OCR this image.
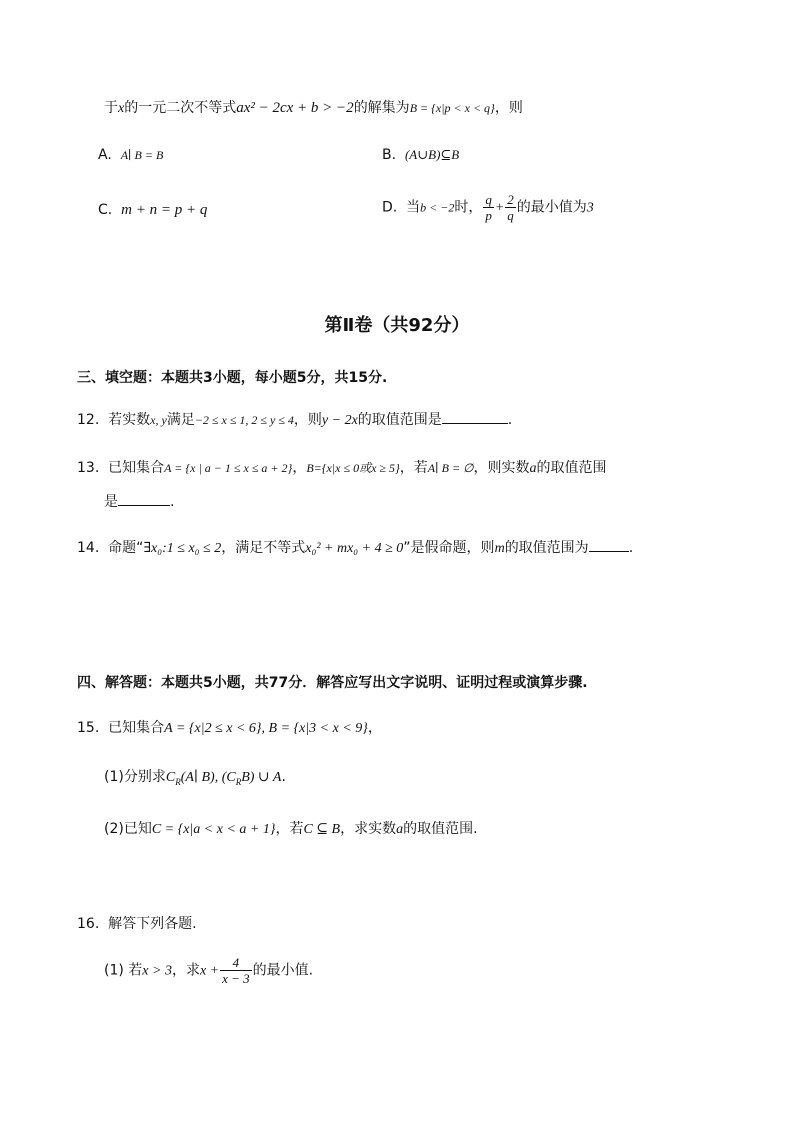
于x的一元二次不等式ax² − 2cx + b > −2的解集为B = {x|p < x < q}，则
A. A∣ B = B	B. (A∪B)⊆B
C. m + n = p + q	D. 当b < −2时， $\frac{q}{p} + \frac{2}{q}$ 的最小值为3
第Ⅱ卷（共92分）
三、填空题：本题共3小题，每小题5分，共15分.
12. 若实数x, y满足−2 ≤ x ≤ 1, 2 ≤ y ≤ 4，则y − 2x的取值范围是	.
13. 已知集合A = {x | a − 1 ≤ x ≤ a + 2}，B={x|x ≤ 0或x ≥ 5}，若A∣ B = ∅，则实数a的取值范围
是	.
14. 命题“∃x₀:1 ≤ x₀ ≤ 2，满足不等式x₀² + mx₀ + 4 ≥ 0”是假命题，则m的取值范围为	.
四、解答题：本题共5小题，共77分．解答应写出文字说明、证明过程或演算步骤.
15. 已知集合A = {x|2 ≤ x < 6}, B = {x|3 < x < 9}，
(1)分别求$C_R(A∣$ B), $(C_RB)$ ∪ A.
(2)已知C = {x|a < x < a + 1}，若C ⊆ B，求实数a的取值范围.
16. 解答下列各题.
(1) 若x > 3，求$x + \frac{4}{x - 3}$ 的最小值.
